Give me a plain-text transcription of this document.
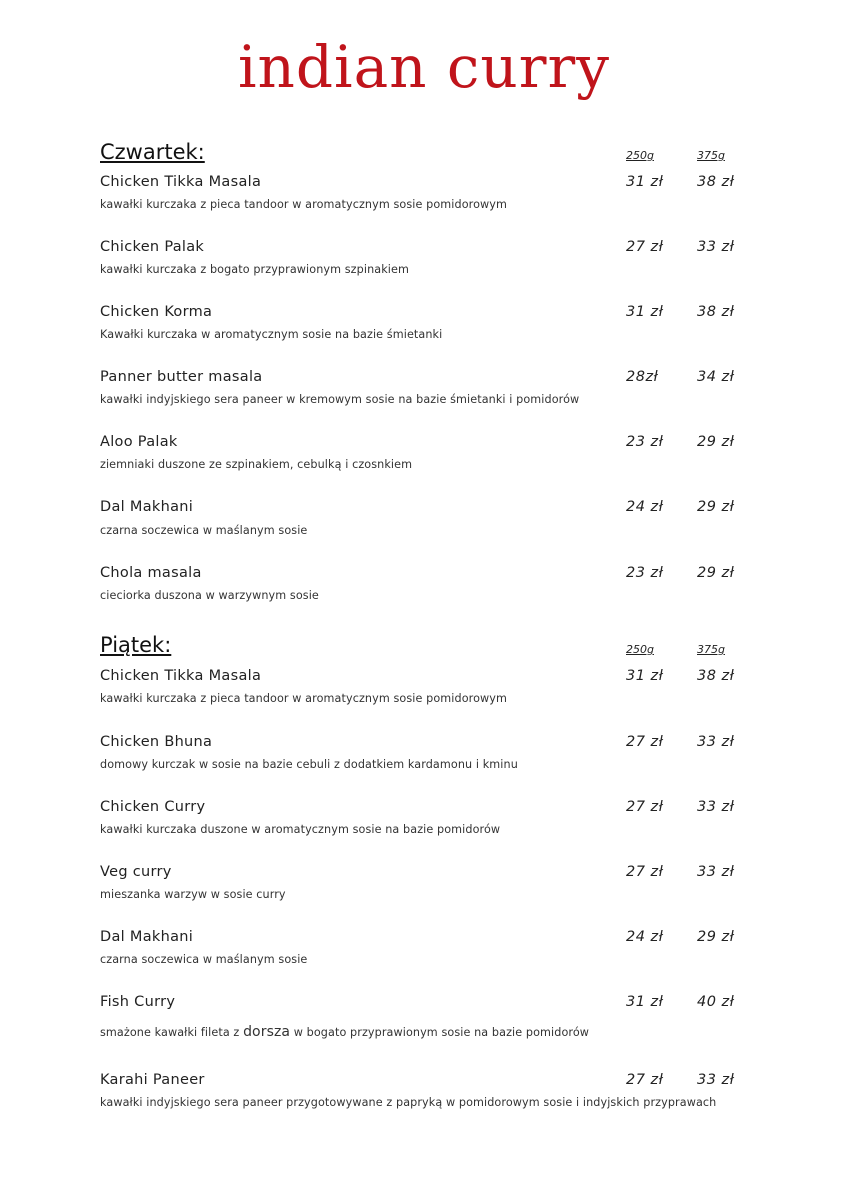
indian curry
Czwartek:	250g	375g
Chicken Tikka Masala	31 zł 38 zł
kawałki kurczaka z pieca tandoor w aromatycznym sosie pomidorowym
Chicken Palak	27 zł 33 zł
kawałki kurczaka z bogato przyprawionym szpinakiem
Chicken Korma	31 zł 38 zł
Kawałki kurczaka w aromatycznym sosie na bazie śmietanki
Panner butter masala	28zł	34 zł
kawałki indyjskiego sera paneer w kremowym sosie na bazie śmietanki i pomidorów
Aloo Palak	23 zł 29 zł
ziemniaki duszone ze szpinakiem, cebulką i czosnkiem
Dal Makhani	24 zł 29 zł
czarna soczewica w maślanym sosie
Chola masala	23 zł 29 zł
cieciorka duszona w warzywnym sosie
Piątek:	250g	375g
Chicken Tikka Masala	31 zł 38 zł
kawałki kurczaka z pieca tandoor w aromatycznym sosie pomidorowym
Chicken Bhuna	27 zł 33 zł
domowy kurczak w sosie na bazie cebuli z dodatkiem kardamonu i kminu
Chicken Curry	27 zł 33 zł
kawałki kurczaka duszone w aromatycznym sosie na bazie pomidorów
Veg curry	27 zł 33 zł
mieszanka warzyw w sosie curry
Dal Makhani	24 zł 29 zł
czarna soczewica w maślanym sosie
Fish Curry	31 zł 40 zł
smażone kawałki fileta z dorsza w bogato przyprawionym sosie na bazie pomidorów
Karahi Paneer	27 zł 33 zł
kawałki indyjskiego sera paneer przygotowywane z papryką w pomidorowym sosie i indyjskich przyprawach
